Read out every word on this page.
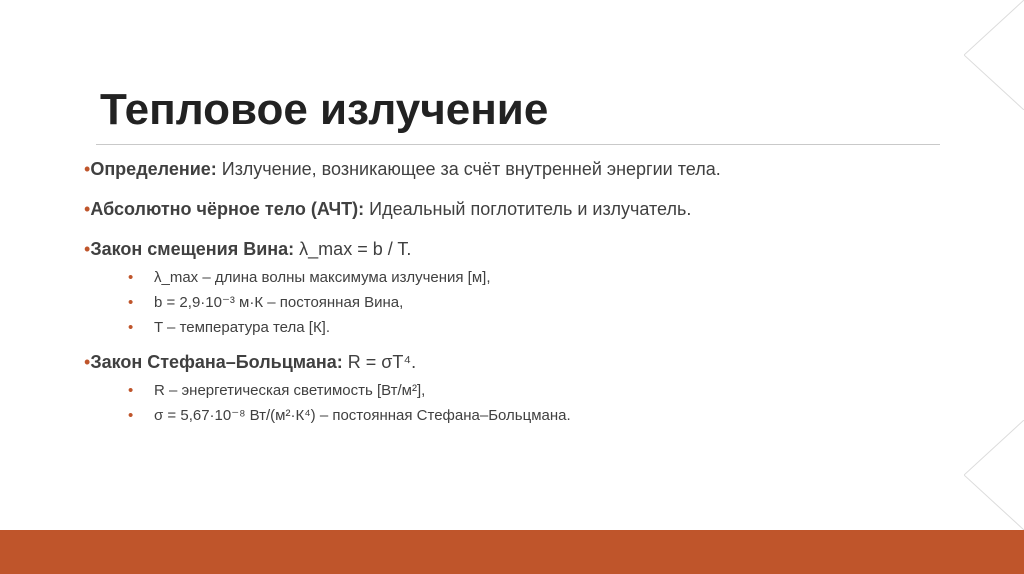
Тепловое излучение
•Определение: Излучение, возникающее за счёт внутренней энергии тела.
•Абсолютно чёрное тело (АЧТ): Идеальный поглотитель и излучатель.
•Закон смещения Вина: λ_max = b / T.
• λ_max – длина волны максимума излучения [м],
• b = 2,9·10⁻³ м·К – постоянная Вина,
• T – температура тела [К].
•Закон Стефана–Больцмана: R = σT⁴.
• R – энергетическая светимость [Вт/м²],
• σ = 5,67·10⁻⁸ Вт/(м²·К⁴) – постоянная Стефана–Больцмана.
